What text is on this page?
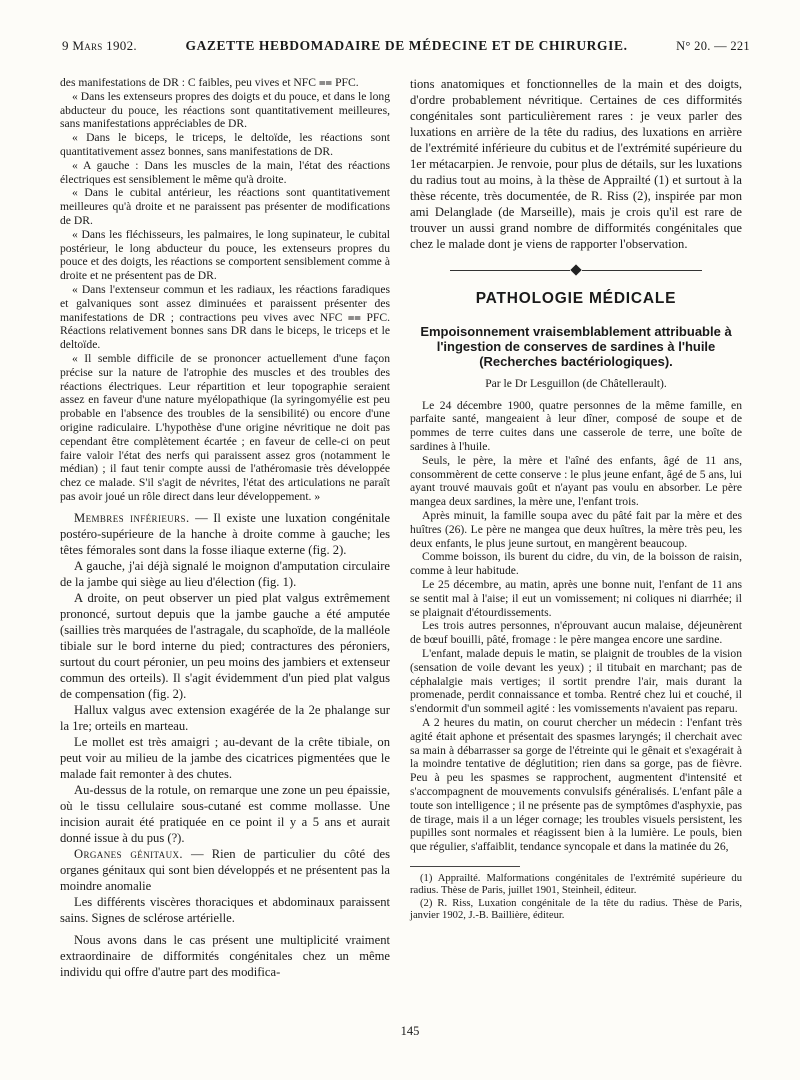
9 Mars 1902.	GAZETTE HEBDOMADAIRE DE MÉDECINE ET DE CHIRURGIE.	N° 20. — 221

des manifestations de DR : C faibles, peu vives et NFC ⩵ PFC.

« Dans les extenseurs propres des doigts et du pouce, et dans le long abducteur du pouce, les réactions sont quantitativement meilleures, sans manifestations appréciables de DR.

« Dans le biceps, le triceps, le deltoïde, les réactions sont quantitativement assez bonnes, sans manifestations de DR.

« A gauche : Dans les muscles de la main, l'état des réactions électriques est sensiblement le même qu'à droite.

« Dans le cubital antérieur, les réactions sont quantitativement meilleures qu'à droite et ne paraissent pas présenter de modifications de DR.

« Dans les fléchisseurs, les palmaires, le long supinateur, le cubital postérieur, le long abducteur du pouce, les extenseurs propres du pouce et des doigts, les réactions se comportent sensiblement comme à droite et ne présentent pas de DR.

« Dans l'extenseur commun et les radiaux, les réactions faradiques et galvaniques sont assez diminuées et paraissent présenter des manifestations de DR ; contractions peu vives avec NFC ⩵ PFC. Réactions relativement bonnes sans DR dans le biceps, le triceps et le deltoïde.

« Il semble difficile de se prononcer actuellement d'une façon précise sur la nature de l'atrophie des muscles et des troubles des réactions électriques. Leur répartition et leur topographie seraient assez en faveur d'une nature myélopathique (la syringomyélie est peu probable en l'absence des troubles de la sensibilité) ou encore d'une origine radiculaire. L'hypothèse d'une origine névritique ne doit pas cependant être complètement écartée ; en faveur de celle-ci on peut faire valoir l'état des nerfs qui paraissent assez gros (notamment le médian) ; il faut tenir compte aussi de l'athéromasie très développée chez ce malade. S'il s'agit de névrites, l'état des articulations ne paraît pas avoir joué un rôle direct dans leur développement. »

Membres inférieurs. — Il existe une luxation congénitale postéro-supérieure de la hanche à droite comme à gauche; les têtes fémorales sont dans la fosse iliaque externe (fig. 2).

A gauche, j'ai déjà signalé le moignon d'amputation circulaire de la jambe qui siège au lieu d'élection (fig. 1).

A droite, on peut observer un pied plat valgus extrêmement prononcé, surtout depuis que la jambe gauche a été amputée (saillies très marquées de l'astragale, du scaphoïde, de la malléole tibiale sur le bord interne du pied; contractures des péroniers, surtout du court péronier, un peu moins des jambiers et extenseur commun des orteils). Il s'agit évidemment d'un pied plat valgus de compensation (fig. 2).

Hallux valgus avec extension exagérée de la 2e phalange sur la 1re; orteils en marteau.

Le mollet est très amaigri ; au-devant de la crête tibiale, on peut voir au milieu de la jambe des cicatrices pigmentées que le malade fait remonter à des chutes.

Au-dessus de la rotule, on remarque une zone un peu épaissie, où le tissu cellulaire sous-cutané est comme mollasse. Une incision aurait été pratiquée en ce point il y a 5 ans et aurait donné issue à du pus (?).

Organes génitaux. — Rien de particulier du côté des organes génitaux qui sont bien développés et ne présentent pas la moindre anomalie

Les différents viscères thoraciques et abdominaux paraissent sains. Signes de sclérose artérielle.

Nous avons dans le cas présent une multiplicité vraiment extraordinaire de difformités congénitales chez un même individu qui offre d'autre part des modifica-

tions anatomiques et fonctionnelles de la main et des doigts, d'ordre probablement névritique. Certaines de ces difformités congénitales sont particulièrement rares : je veux parler des luxations en arrière de la tête du radius, des luxations en arrière de l'extrémité inférieure du cubitus et de l'extrémité supérieure du 1er métacarpien. Je renvoie, pour plus de détails, sur les luxations du radius tout au moins, à la thèse de Apprailté (1) et surtout à la thèse récente, très documentée, de R. Riss (2), inspirée par mon ami Delanglade (de Marseille), mais je crois qu'il est rare de trouver un aussi grand nombre de difformités congénitales que chez le malade dont je viens de rapporter l'observation.

PATHOLOGIE MÉDICALE
Empoisonnement vraisemblablement attribuable à l'ingestion de conserves de sardines à l'huile (Recherches bactériologiques).
Par le Dr Lesguillon (de Châtellerault).

Le 24 décembre 1900, quatre personnes de la même famille, en parfaite santé, mangeaient à leur dîner, composé de soupe et de pommes de terre cuites dans une casserole de terre, une boîte de sardines à l'huile.

Seuls, le père, la mère et l'aîné des enfants, âgé de 11 ans, consommèrent de cette conserve : le plus jeune enfant, âgé de 5 ans, lui ayant trouvé mauvais goût et n'ayant pas voulu en absorber. Le père mangea deux sardines, la mère une, l'enfant trois.

Après minuit, la famille soupa avec du pâté fait par la mère et des huîtres (26). Le père ne mangea que deux huîtres, la mère très peu, les deux enfants, le plus jeune surtout, en mangèrent beaucoup.

Comme boisson, ils burent du cidre, du vin, de la boisson de raisin, comme à leur habitude.

Le 25 décembre, au matin, après une bonne nuit, l'enfant de 11 ans se sentit mal à l'aise; il eut un vomissement; ni coliques ni diarrhée; il se plaignait d'étourdissements.

Les trois autres personnes, n'éprouvant aucun malaise, déjeunèrent de bœuf bouilli, pâté, fromage : le père mangea encore une sardine.

L'enfant, malade depuis le matin, se plaignit de troubles de la vision (sensation de voile devant les yeux) ; il titubait en marchant; pas de céphalalgie mais vertiges; il sortit prendre l'air, mais durant la promenade, perdit connaissance et tomba. Rentré chez lui et couché, il s'endormit d'un sommeil agité : les vomissements n'avaient pas reparu.

A 2 heures du matin, on courut chercher un médecin : l'enfant très agité était aphone et présentait des spasmes laryngés; il cherchait avec sa main à débarrasser sa gorge de l'étreinte qui le gênait et s'exagérait à la moindre tentative de déglutition; rien dans sa gorge, pas de fièvre. Peu à peu les spasmes se rapprochent, augmentent d'intensité et s'accompagnent de mouvements convulsifs généralisés. L'enfant pâle a toute son intelligence ; il ne présente pas de symptômes d'asphyxie, pas de tirage, mais il a un léger cornage; les troubles visuels persistent, les pupilles sont normales et réagissent bien à la lumière. Le pouls, bien que régulier, s'affaiblit, tendance syncopale et dans la matinée du 26,

(1) Apprailté. Malformations congénitales de l'extrémité supérieure du radius. Thèse de Paris, juillet 1901, Steinheil, éditeur.

(2) R. Riss, Luxation congénitale de la tête du radius. Thèse de Paris, janvier 1902, J.-B. Baillière, éditeur.

145
